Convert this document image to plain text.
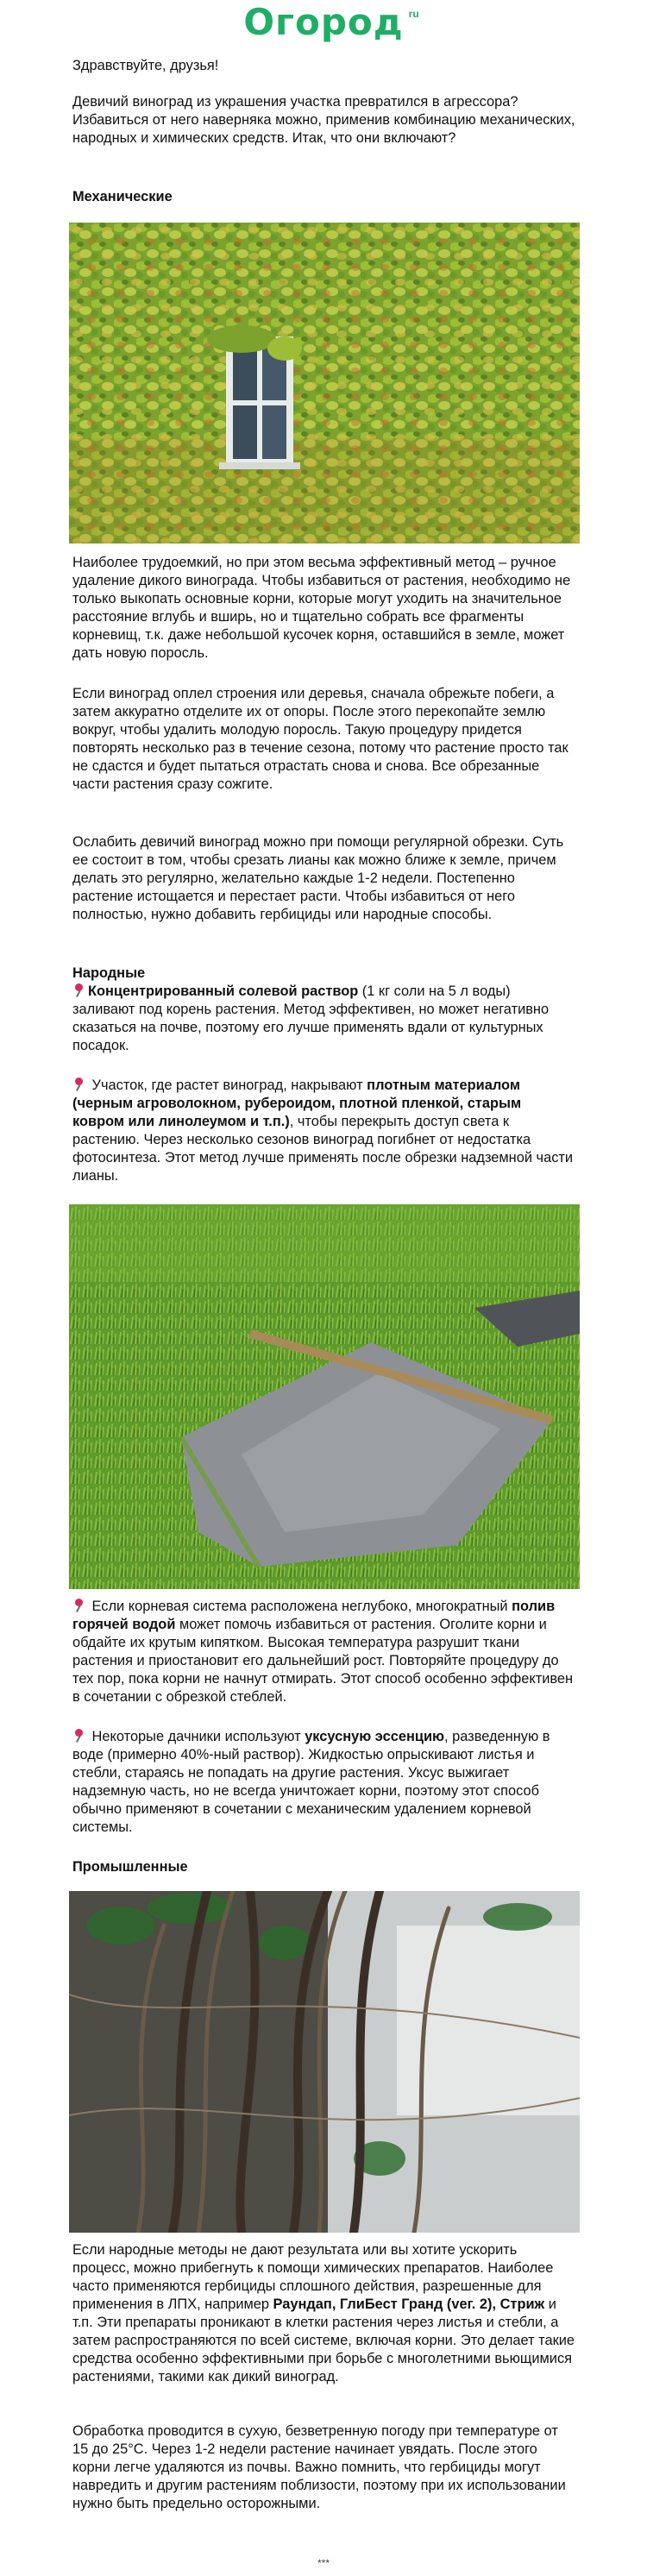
Огород ru

Здравствуйте, друзья!

Девичий виноград из украшения участка превратился в агрессора? Избавиться от него наверняка можно, применив комбинацию механических, народных и химических средств. Итак, что они включают?

Механические

Наиболее трудоемкий, но при этом весьма эффективный метод – ручное удаление дикого винограда. Чтобы избавиться от растения, необходимо не только выкопать основные корни, которые могут уходить на значительное расстояние вглубь и вширь, но и тщательно собрать все фрагменты корневищ, т.к. даже небольшой кусочек корня, оставшийся в земле, может дать новую поросль.

Если виноград оплел строения или деревья, сначала обрежьте побеги, а затем аккуратно отделите их от опоры. После этого перекопайте землю вокруг, чтобы удалить молодую поросль. Такую процедуру придется повторять несколько раз в течение сезона, потому что растение просто так не сдастся и будет пытаться отрастать снова и снова. Все обрезанные части растения сразу сожгите.

Ослабить девичий виноград можно при помощи регулярной обрезки. Суть ее состоит в том, чтобы срезать лианы как можно ближе к земле, причем делать это регулярно, желательно каждые 1-2 недели. Постепенно растение истощается и перестает расти. Чтобы избавиться от него полностью, нужно добавить гербициды или народные способы.

Народные

Концентрированный солевой раствор (1 кг соли на 5 л воды) заливают под корень растения. Метод эффективен, но может негативно сказаться на почве, поэтому его лучше применять вдали от культурных посадок.

Участок, где растет виноград, накрывают плотным материалом (черным агроволокном, рубероидом, плотной пленкой, старым ковром или линолеумом и т.п.), чтобы перекрыть доступ света к растению. Через несколько сезонов виноград погибнет от недостатка фотосинтеза. Этот метод лучше применять после обрезки надземной части лианы.

Если корневая система расположена неглубоко, многократный полив горячей водой может помочь избавиться от растения. Оголите корни и обдайте их крутым кипятком. Высокая температура разрушит ткани растения и приостановит его дальнейший рост. Повторяйте процедуру до тех пор, пока корни не начнут отмирать. Этот способ особенно эффективен в сочетании с обрезкой стеблей.

Некоторые дачники используют уксусную эссенцию, разведенную в воде (примерно 40%-ный раствор). Жидкостью опрыскивают листья и стебли, стараясь не попадать на другие растения. Уксус выжигает надземную часть, но не всегда уничтожает корни, поэтому этот способ обычно применяют в сочетании с механическим удалением корневой системы.

Промышленные

Если народные методы не дают результата или вы хотите ускорить процесс, можно прибегнуть к помощи химических препаратов. Наиболее часто применяются гербициды сплошного действия, разрешенные для применения в ЛПХ, например Раундап, ГлиБест Гранд (vег. 2), Стриж и т.п. Эти препараты проникают в клетки растения через листья и стебли, а затем распространяются по всей системе, включая корни. Это делает такие средства особенно эффективными при борьбе с многолетними вьющимися растениями, такими как дикий виноград.

Обработка проводится в сухую, безветренную погоду при температуре от 15 до 25°C. Через 1-2 недели растение начинает увядать. После этого корни легче удаляются из почвы. Важно помнить, что гербициды могут навредить и другим растениям поблизости, поэтому при их использовании нужно быть предельно осторожными.

***
